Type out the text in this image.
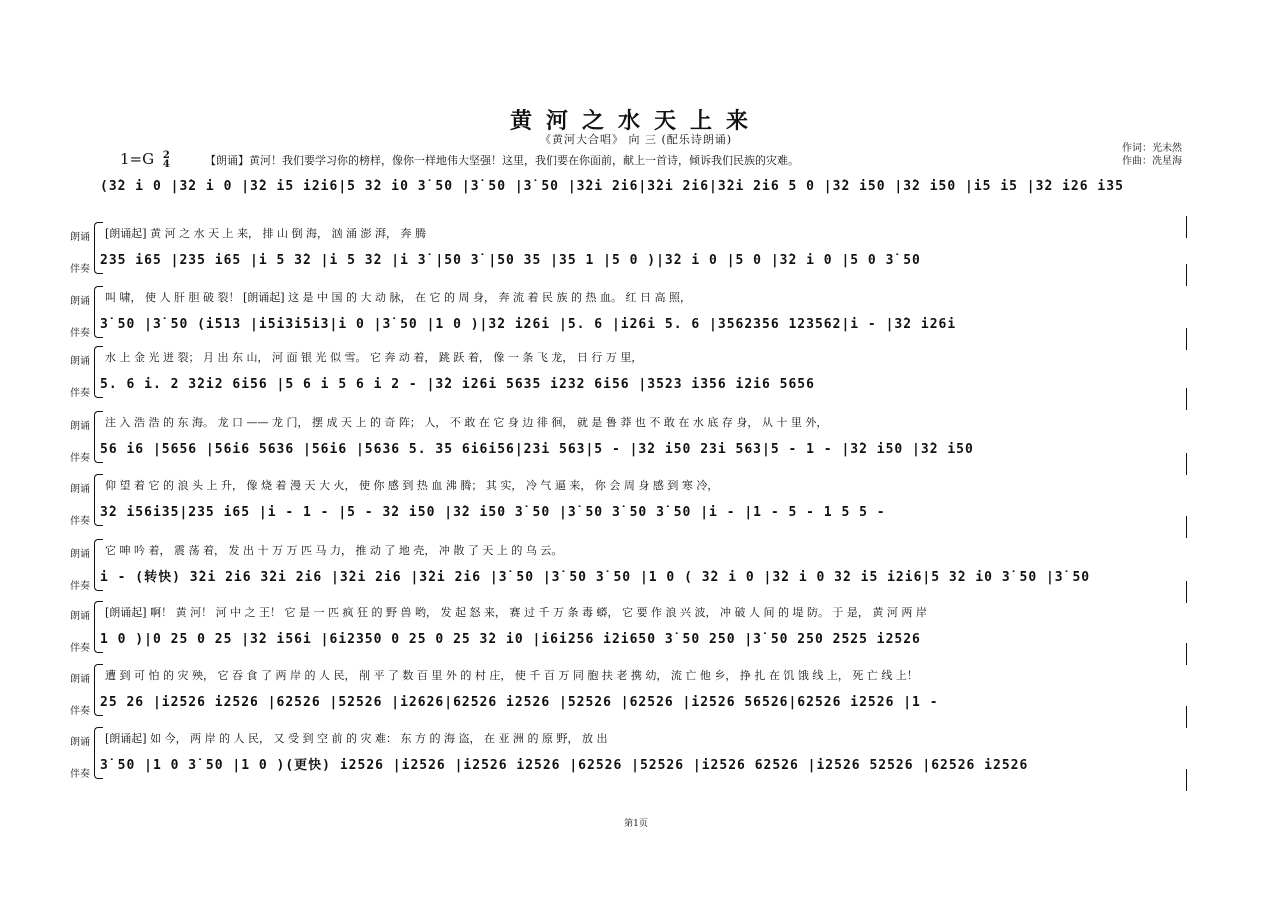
黄河之水天上来
《黄河大合唱》 向 三 (配乐诗朗诵)
作词：光未然
作曲：冼星海
1=G 2
4	【朗诵】黄河！我们要学习你的榜样，像你一样地伟大坚强！这里，我们要在你面前，献上一首诗，倾诉我们民族的灾难。
(3̇2 i 0 |3̇2 i 0 |3̇2 i5 i2i6|5 3̇2 i0 3̇ 50 |3̇ 50 |3̇ 50 |3̇2i 2i6|3̇2i 2i6|3̇2i 2i6 5 0 |3̇2 i50 |3̇2 i50 |i5 i5 |3̇2 i26 i35
朗诵
伴奏
[朗诵起] 黄 河 之 水 天 上 来， 排 山 倒 海， 汹 涌 澎 湃， 奔 腾
235 i65 |235 i65 |i 5 3̇2 |i 5 3̇2 |i 3̇ |50 3̇ |50 35 |35 1 |5 0 )|3̇2 i 0 |5 0 |3̇2 i 0 |5 0 3̇ 50
朗诵
伴奏
叫 啸， 使 人 肝 胆 破 裂！ [朗诵起] 这 是 中 国 的 大 动 脉， 在 它 的 周 身， 奔 流 着 民 族 的 热 血。 红 日 高 照，
3̇ 50 |3̇ 50 (i513 |i5i3i5i3|i 0 |3̇ 50 |1 0 )|3̇2 i26i |5. 6 |i26i 5. 6 |3562356 123562|i - |3̇2 i26i
朗诵
伴奏
水 上 金 光 迸 裂； 月 出 东 山， 河 面 银 光 似 雪。 它 奔 动 着， 跳 跃 着， 像 一 条 飞 龙， 日 行 万 里，
5. 6 i. 2 3̇2i2 6i56 |5 6 i 5 6 i 2 - |3̇2 i26i 5635 i232 6i56 |3523 i356 i2i6 5656
朗诵
伴奏
注 入 浩 浩 的 东 海。 龙 口 —— 龙 门， 摆 成 天 上 的 奇 阵； 人， 不 敢 在 它 身 边 徘 徊， 就 是 鲁 莽 也 不 敢 在 水 底 存 身， 从 十 里 外，
56 i6 |5656 |56i6 5636 |56i6 |5636 5. 35 6i6i56|23i 563|5 - |3̇2 i50 23i 563|5 - 1 - |3̇2 i50 |3̇2 i50
朗诵
伴奏
仰 望 着 它 的 浪 头 上 升， 像 烧 着 漫 天 大 火， 使 你 感 到 热 血 沸 腾； 其 实， 冷 气 逼 来， 你 会 周 身 感 到 寒 冷，
3̇2 i56i35|235 i65 |i - 1 - |5 - 3̇2 i50 |3̇2 i50 3̇ 50 |3̇ 50 3̇ 50 3̇ 50 |i - |1 - 5 - 1 5 5 -
朗诵
伴奏
它 呻 吟 着， 震 荡 着， 发 出 十 万 万 匹 马 力， 推 动 了 地 壳， 冲 散 了 天 上 的 乌 云。
i - (转快) 3̇2i 2i6 3̇2i 2i6 |3̇2i 2i6 |3̇2i 2i6 |3̇ 50 |3̇ 50 3̇ 50 |1 0 ( 3̇2 i 0 |3̇2 i 0 3̇2 i5 i2i6|5 3̇2 i0 3̇ 50 |3̇ 50
朗诵
伴奏
[朗诵起] 啊！ 黄 河！ 河 中 之 王！ 它 是 一 匹 疯 狂 的 野 兽 哟， 发 起 怒 来， 赛 过 千 万 条 毒 蟒， 它 要 作 浪 兴 波， 冲 破 人 间 的 堤 防。 于 是， 黄 河 两 岸
1 0 )|0 25 0 25 |3̇2 i56i |6i2350 0 25 0 25 3̇2 i0 |i6i256 i2i650 3̇ 50 250 |3̇ 50 250 2525 i2526
朗诵
伴奏
遭 到 可 怕 的 灾 殃， 它 吞 食 了 两 岸 的 人 民， 削 平 了 数 百 里 外 的 村 庄， 使 千 百 万 同 胞 扶 老 携 幼， 流 亡 他 乡， 挣 扎 在 饥 饿 线 上， 死 亡 线 上！
25 26 |i2526 i2526 |62526 |52526 |i2626|62526 i2526 |52526 |62526 |i2526 56526|62526 i2526 |1 -
朗诵
伴奏
[朗诵起] 如 今， 两 岸 的 人 民， 又 受 到 空 前 的 灾 难： 东 方 的 海 盗， 在 亚 洲 的 原 野， 放 出
3̇ 50 |1 0 3̇ 50 |1 0 )(更快) i2526 |i2526 |i2526 i2526 |62526 |52526 |i2526 62526 |i2526 52526 |62526 i2526
第1页
